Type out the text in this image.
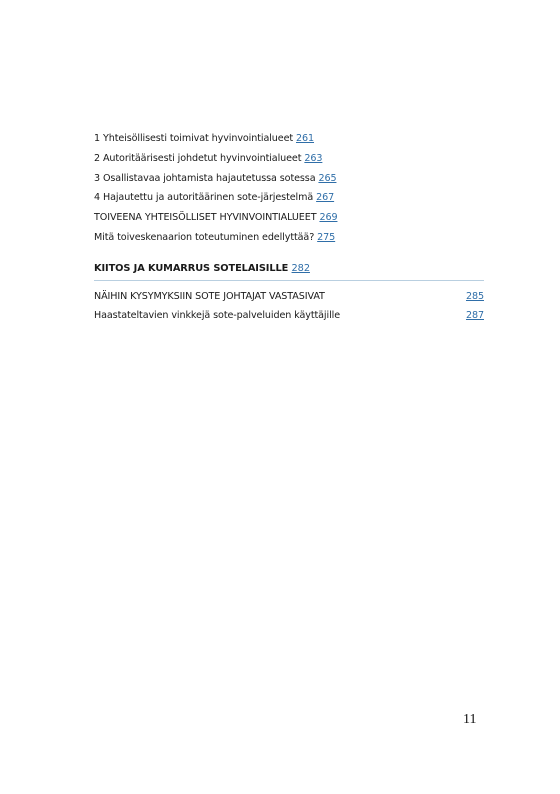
1 Yhteisöllisesti toimivat hyvinvointialueet 261
2 Autoritäärisesti johdetut hyvinvointialueet 263
3 Osallistavaa johtamista hajautetussa sotessa 265
4 Hajautettu ja autoritäärinen sote-järjestelmä 267
TOIVEENA YHTEISÖLLISET HYVINVOINTIALUEET 269
Mitä toiveskenaarion toteutuminen edellyttää? 275
KIITOS JA KUMARRUS SOTELAISILLE 282
NÄIHIN KYSYMYKSIIN SOTE JOHTAJAT VASTASIVAT	285
Haastateltavien vinkkejä sote-palveluiden käyttäjille	287
11
